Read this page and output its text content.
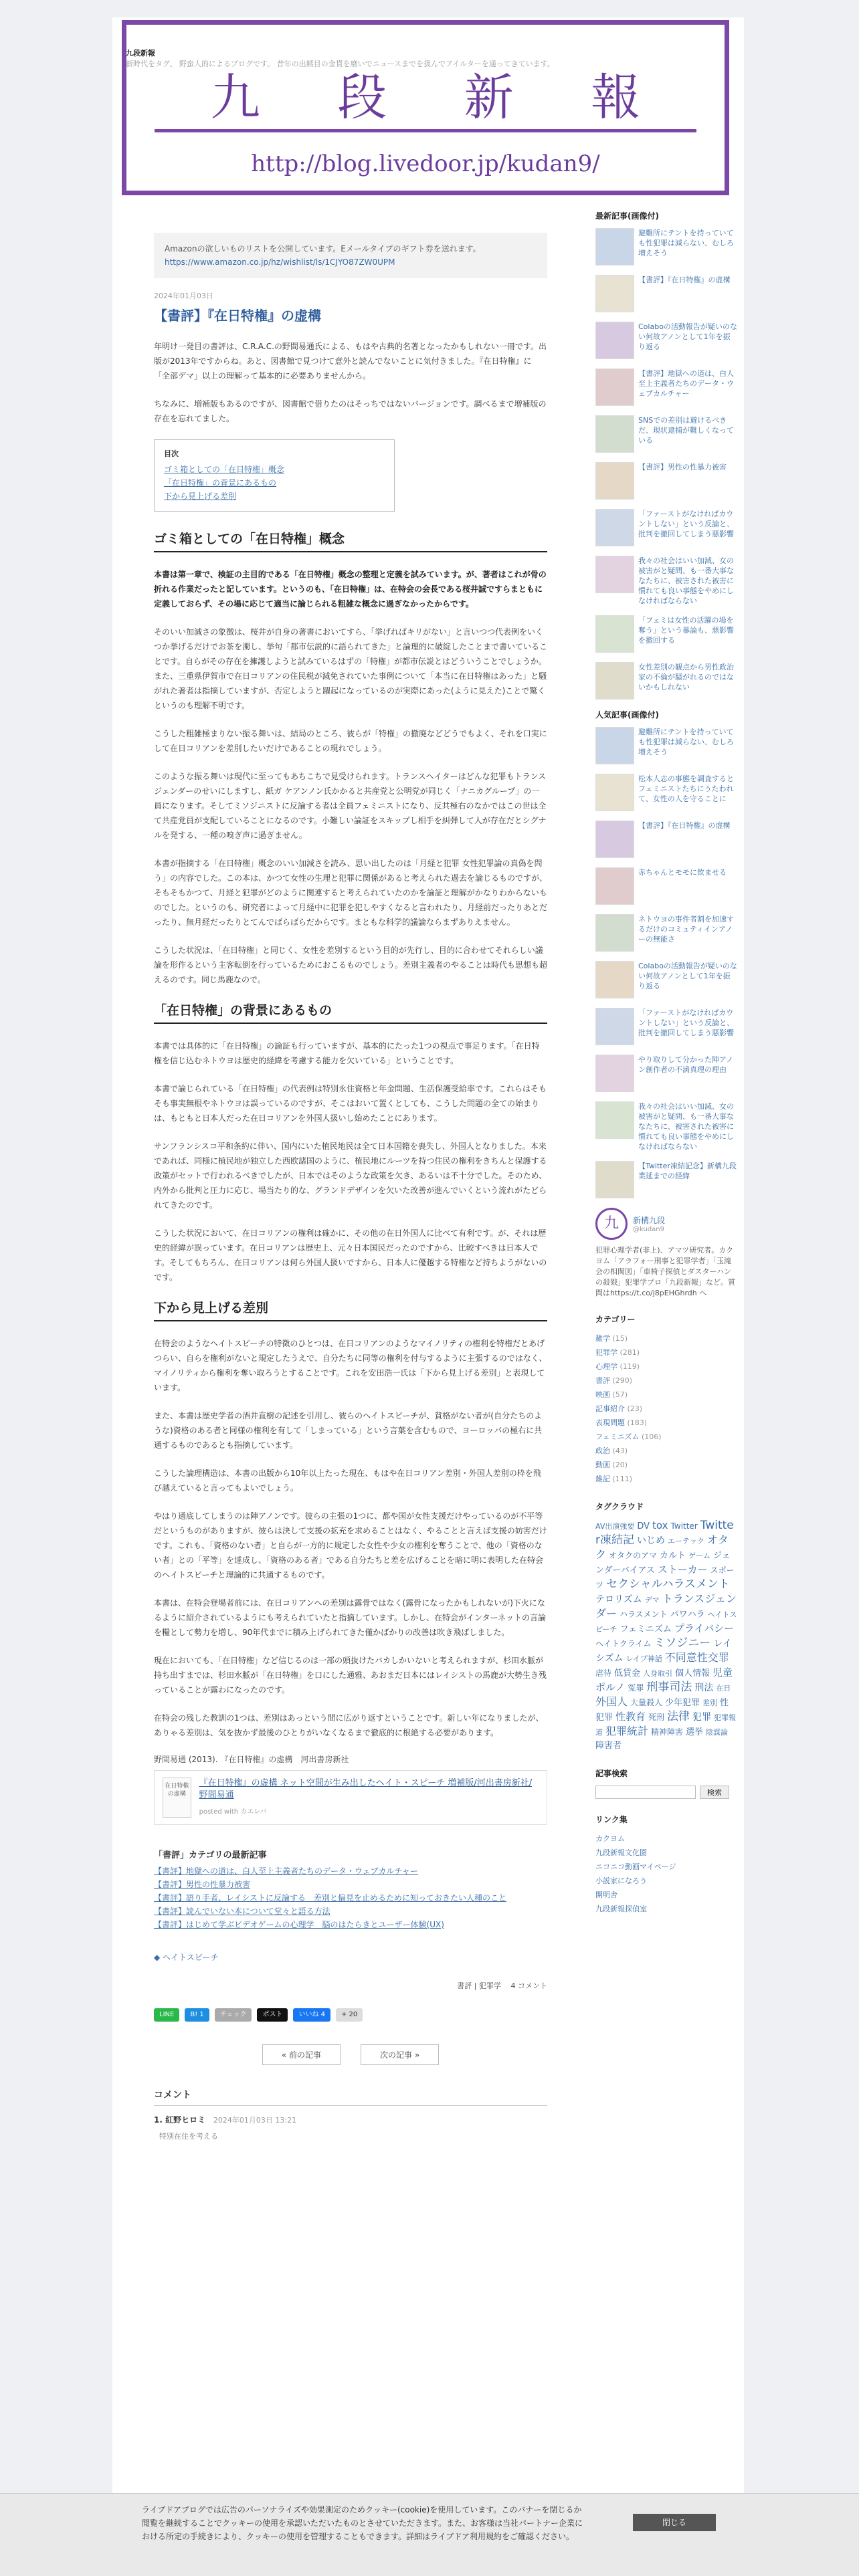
九段新報
新時代をタグ、 野蛮人的によるブログです。 昔年の出鱈目の金貨を磨いでニュースまでを扱んでアイルターを通ってきています。
九 段 新 報
http://blog.livedoor.jp/kudan9/
Amazonの欲しいものリストを公開しています。Eメールタイプのギフト券を送れます。
https://www.amazon.co.jp/hz/wishlist/ls/1CJYO87ZW0UPM
2024年01月03日
【書評】『在日特権』の虚構

年明け一発目の書評は、C.R.A.C.の野間易通氏による、もはや古典的名著となったかもしれない一冊です。出版が2013年ですからね。あと、図書館で見つけて意外と読んでないことに気付きました。『在日特権』に「全部デマ」以上の理解って基本的に必要ありませんから。

ちなみに、増補版もあるのですが、図書館で借りたのはそっちではないバージョンです。調べるまで増補版の存在を忘れてました。

目次
ゴミ箱としての「在日特権」概念
「在日特権」の背景にあるもの
下から見上げる差別
ゴミ箱としての「在日特権」概念

本書は第一章で、検証の主目的である「在日特権」概念の整理と定義を試みています。が、著者はこれが骨の折れる作業だったと記しています。というのも、「在日特権」は、在特会の会長である桜井誠ですらまともに定義しておらず、その場に応じて適当に論じられる粗雑な概念に過ぎなかったからです。

そのいい加減さの象徴は、桜井が自身の著書においてすら、「挙げればキリがない」と言いつつ代表例をいくつか挙げるだけでお茶を濁し、挙句「都市伝説的に語られてきた」と論理的に破綻したことまで書いていることです。自らがその存在を擁護しようと試みているはずの「特権」が都市伝説とはどういうことでしょうか。また、三重県伊賀市で在日コリアンの住民税が減免されていた事例について「本当に在日特権はあった」と騒がれた著者は指摘していますが、否定しようと躍起になっているのが実際にあった(ように見えた)ことで驚くというのも理解不明です。

こうした粗雑極まりない振る舞いは、結局のところ、彼らが「特権」の撤廃などどうでもよく、それを口実にして在日コリアンを差別したいだけであることの現れでしょう。

このような振る舞いは現代に至ってもあちこちで見受けられます。トランスヘイターはどんな犯罪もトランスジェンダーのせいにしますし、紙ガ ケアンノン氏かかると共産党と公明党が同じく「ナニカグループ」の一員になります。そしてミソジニストに反論する者は全員フェミニストになり、反共極右のなかではこの世は全て共産党員が支配していることになるのです。小難しい論証をスキップし相手を糾弾して人が存在だとシグナルを発する、一種の嗅ぎ声に過ぎません。

本書が指摘する「在日特権」概念のいい加減さを読み、思い出したのは「月経と犯罪 女性犯罪論の真偽を問う」の内容でした。この本は、かつて女性の生理と犯罪に関係があると考えられた過去を論じるものですが、そもそもかつて、月経と犯罪がどのように関連すると考えられていたのかを論証と理解がかなりわからないものでした。というのも、研究者によって月経中に犯罪を犯しやすくなると言われたり、月経前だったりあとだったり、無月経だったりとてんでばらばらだからです。まともな科学的議論ならまずありえません。

こうした状況は、「在日特権」と同じく、女性を差別するという目的が先行し、目的に合わせてそれらしい議論を形作るという主客転倒を行っているためにおこるものでしょう。差別主義者のやることは時代も思想も超えるのです。同じ馬鹿なので。

「在日特権」の背景にあるもの

本書では具体的に「在日特権」の論証も行っていますが、基本的にたった1つの視点で事足ります。「在日特権を信じ込むネトウヨは歴史的経緯を考慮する能力を欠いている」ということです。

本書で論じられている「在日特権」の代表例は特別永住資格と年金問題、生活保護受給率です。これらはそもそも事実無根やネトウヨは誤っているのですが、そこはおいて置くとしても、こうした問題の全ての始まりは、もともと日本人だった在日コリアンを外国人扱いし始めたことにあります。

サンフランシスコ平和条約に伴い、国内にいた植民地民は全て日本国籍を喪失し、外国人となりました。本来であれば、同様に植民地が独立した西欧諸国のように、植民地にルーツを持つ住民の権利をきちんと保護する政策がセットで行われるべきでしたが、日本ではそのような政策を欠き、あるいは不十分でした。そのため、内外から批判と圧力に応じ、場当たり的な、グランドデザインを欠いた改善が進んでいくという流れがたどられてきたのです。

こうした状況において、在日コリアンの権利は確かに、その他の在日外国人に比べて有利です。が、それは歴史的経緯が誤っています。在日コリアンは歴史上、元々日本国民だったのですから、比較すべきは日本人です。そしてもちろん、在日コリアンは何ら外国人扱いですから、日本人に優越する特権など持ちようがないのです。

下から見上げる差別

在特会のようなヘイトスピーチの特徴のひとつは、在日コリアンのようなマイノリティの権利を特権だとあげつらい、自らを権利がないと規定したうえで、自分たちに同等の権利を付与するように主張するのではなく、マイノリティから権利を奪い取ろうとすることです。これを安田浩一氏は「下から見上げる差別」と表現しています。

また、本書は歴史学者の酒井直樹の記述を引用し、彼らのヘイトスピーチが、貧格がない者が(自分たちのような)資格のある者と同様の権利を有して「しまっている」という言葉を含むもので、ヨーロッパの極右に共通するものであるとも指摘しています。

こうした論理構造は、本書の出版から10年以上たった現在、もはや在日コリアン差別・外国人差別の枠を飛び越えていると言ってもよいでしょう。

やはり通底してしまうのは陣アノンです。彼らの主張の1つに、都や国が女性支援だけやっているのが不平等だというものがありますが、彼らは決して支援の拡充を求めることはなく、やることと言えば支援の妨害だけです。これも、「資格のない者」と自らが一方的に規定した女性や少女の権利を奪うことで、他の「資格のない者」との「平等」を達成し、「資格のある者」である自分たちと差を広げることを暗に明に表明した在特会のヘイトスピーチと理論的に共通するものです。

本書は、在特会登場者前には、在日コリアンへの差別は露骨ではなく(露骨になったかもしれないが)下火になるように紹介されているようにも考えられていたと指摘しています。しかし、在特会がインターネットの言論を糧として勢力を増し、90年代までに積み上げられてきた僅かばかりの改善は吹き飛ばしました。

現在においても、「在日特権」など信じるのは一部の頭抜けたバカしかいないと考えられますが、杉田水脈が持ち出すまでは、杉田水脈が「在日特権」を口にした通雅、あおまだ日本にはレイシストの馬鹿が大勢生き残っていることが露わになったのです。

在特会の残した教訓の1つは、差別はあっという間に広がり返すということです。新しい年になりましたが、ありゃる差別は、気を抜かず最後のひとりがいなくなるまで徹底的に根絶する必要があります。

野間易通 (2013). 『在日特権』の虚構　河出書房新社
在日特権の虚構
『在日特権』の虚構 ネット空間が生み出したヘイト・スピーチ 増補版/河出書房新社/野間易通
posted with カエレバ
「書評」カテゴリの最新記事
【書評】地獄への道は、白人至上主義者たちのデータ・ウェブカルチャー
【書評】男性の性暴力被害
【書評】語り手者、レイシストに反論する　差別と偏見を止めるために知っておきたい人種のこと
【書評】読んでいない本について堂々と語る方法
【書評】はじめて学ぶビデオゲームの心理学　脳のはたらきとユーザー体験(UX)
◆ ヘイトスピーチ
書評 | 犯罪学　 4 コメント
LINE	B! 1	チェック	ポスト	いいね 4	+ 20
« 前の記事	次の記事 »
コメント
1. 紅野ヒロミ 2024年01月03日 13:21
特別在住を考える
最新記事(画像付)
避難所にテントを持っていても性犯罪は減らない、むしろ増えそう
【書評】『在日特権』の虚構
Colaboの活動報告が疑いのない何故アノンとして1年を振り返る
【書評】地獄への道は、白人至上主義者たちのデータ・ウェブカルチャー
SNSでの差別は避けるべきだ、現状逮捕が難しくなっている
【書評】男性の性暴力被害
「ファーストがなければカウントしない」という反論と、批判を撤回してしまう悪影響
我々の社会はいい加減、女の被害がと疑問、も一番大事ななたちに、被害された被害に慣れても良い事態をやめにしなければならない
「フェミは女性の活躍の場を奪う」という暴論も、悪影響を撤回する
女性差別の観点から男性政治家の不倫が騒がれるのではないかもしれない
人気記事(画像付)
避難所にテントを持っていても性犯罪は減らない、むしろ増えそう
松本人志の事態を調査するとフェミニストたちにうたわれて、女性の人を守ることに
【書評】『在日特権』の虚構
赤ちゃんとモモに飲ませる
ネトウヨの事件者割を加速するだけのコミュティインアノーの無能さ
Colaboの活動報告が疑いのない何故アノンとして1年を振り返る
「ファーストがなければカウントしない」という反論と、批判を撤回してしまう悪影響
やり取りして分かった陣アノン創作者の不満真理の理由
我々の社会はいい加減、女の被害がと疑問、も一番大事ななたちに、被害された被害に慣れても良い事態をやめにしなければならない
【Twitter凍結記念】新構九段業延までの経緯
九	新構九段
@kudan9
犯罪心理学者(非上)、アマツ研究者。カクヨム「アラフォー刑事と犯罪学者」「玉滝会の相関図」「車椅子探偵とダスターハンの殺戮」犯罪学プロ「九段新報」など。質問はhttps://t.co/j8pEHGhrdh へ
カテゴリー
雑学 (15)
犯罪学 (281)
心理学 (119)
書評 (290)
映画 (57)
記事紹介 (23)
表現問題 (183)
フェミニズム (106)
政治 (43)
動画 (20)
雑記 (111)
タグクラウド
AV出演強要 DV tox Twitter Twitter凍結記 いじめ エーテック オタク オタクのアマ カルト ゲーム ジェンダーバイアス ストーカー スポーツ セクシャルハラスメントテロリズム デマ トランスジェンダー ハラスメント パワハラ ヘイトスピーチ フェミニズム プライバシーヘイトクライム ミソジニー レイシズム レイプ神話 不同意性交罪虐待 低賃金 人身取引 個人情報 児童ポルノ 冤罪 刑事司法 刑法 在日外国人 大量殺人 少年犯罪 差別 性犯罪 性教育 死刑 法律 犯罪 犯罪報道 犯罪統計 精神障害 選挙 陰謀論障害者
記事検索
検索
リンク集
カクヨム
九段新報文化圏
ニコニコ動画マイページ
小説家になろう
開明舎
九段新報探偵室
ライブドアブログでは広告のパーソナライズや効果測定のためクッキー(cookie)を使用しています。このバナーを閉じるか閲覧を継続することでクッキーの使用を承認いただいたものとさせていただきます。また、お客様は当社パートナー企業における所定の手続きにより、クッキーの使用を管理することもできます。詳細はライブドア利用規約をご確認ください。
閉じる
